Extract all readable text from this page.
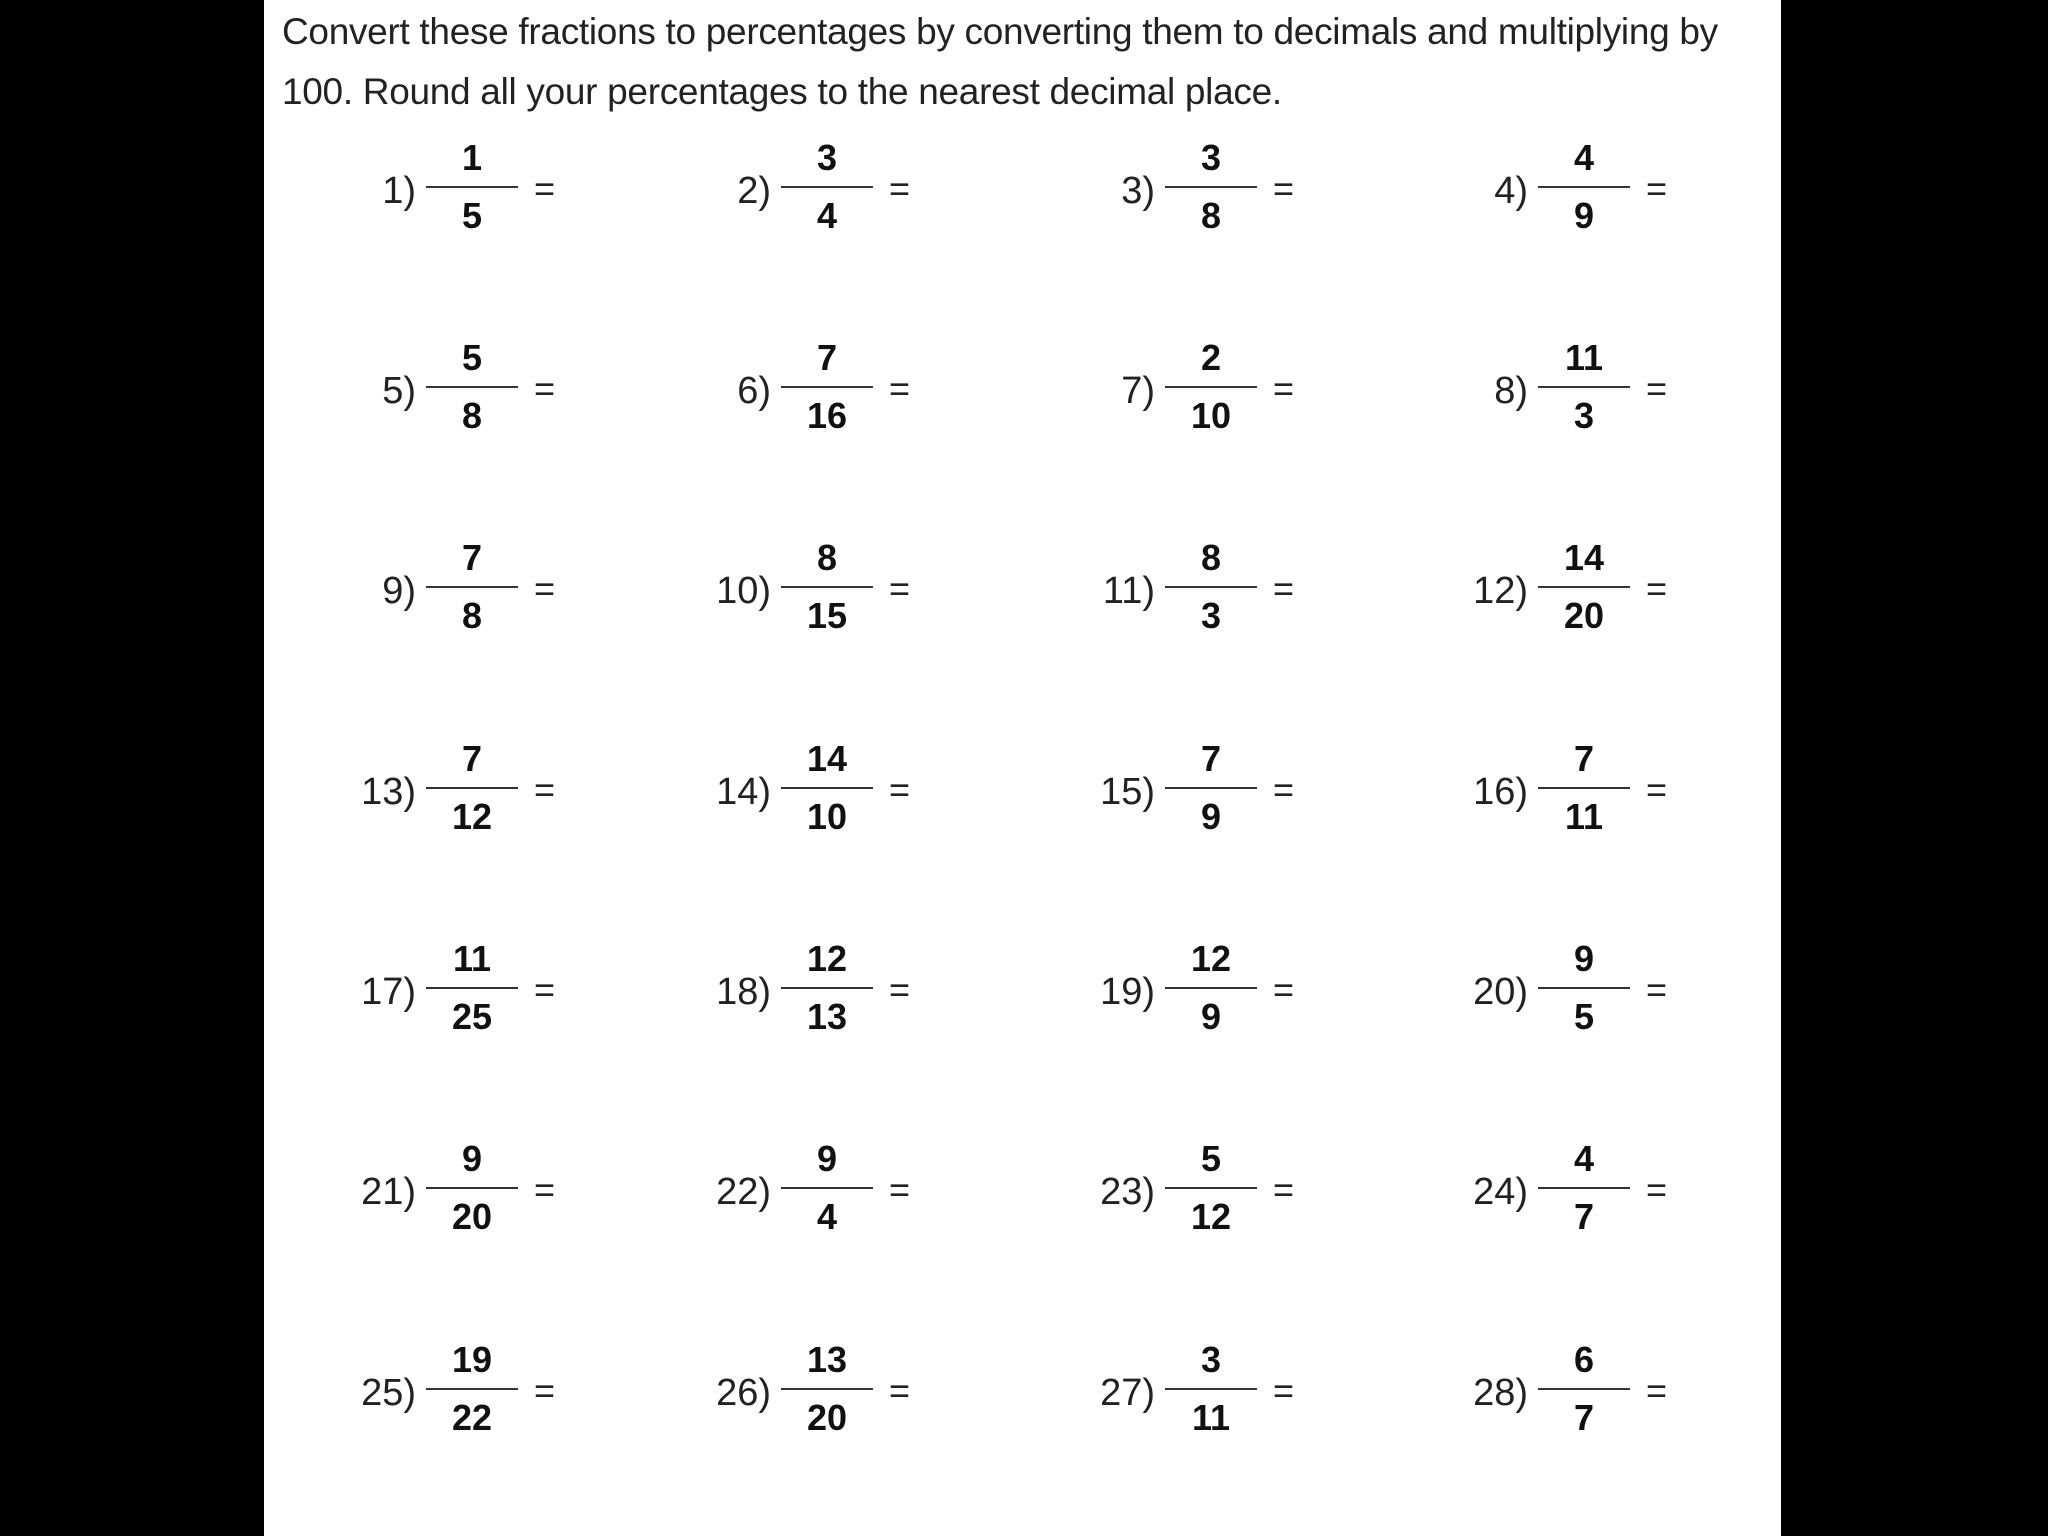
Convert these fractions to percentages by converting them to decimals and multiplying by 100. Round all your percentages to the nearest decimal place.
1)
1
5
=	2)
3
4
=	3)
3
8
=	4)
4
9
=
5)
5
8
=	6)
7
16
=	7)
2
10
=	8)
11
3
=
9)
7
8
=	10)
8
15
=	11)
8
3
=	12)
14
20
=
13)
7
12
=	14)
14
10
=	15)
7
9
=	16)
7
11
=
17)
11
25
=	18)
12
13
=	19)
12
9
=	20)
9
5
=
21)
9
20
=	22)
9
4
=	23)
5
12
=	24)
4
7
=
25)
19
22
=	26)
13
20
=	27)
3
11
=	28)
6
7
=
